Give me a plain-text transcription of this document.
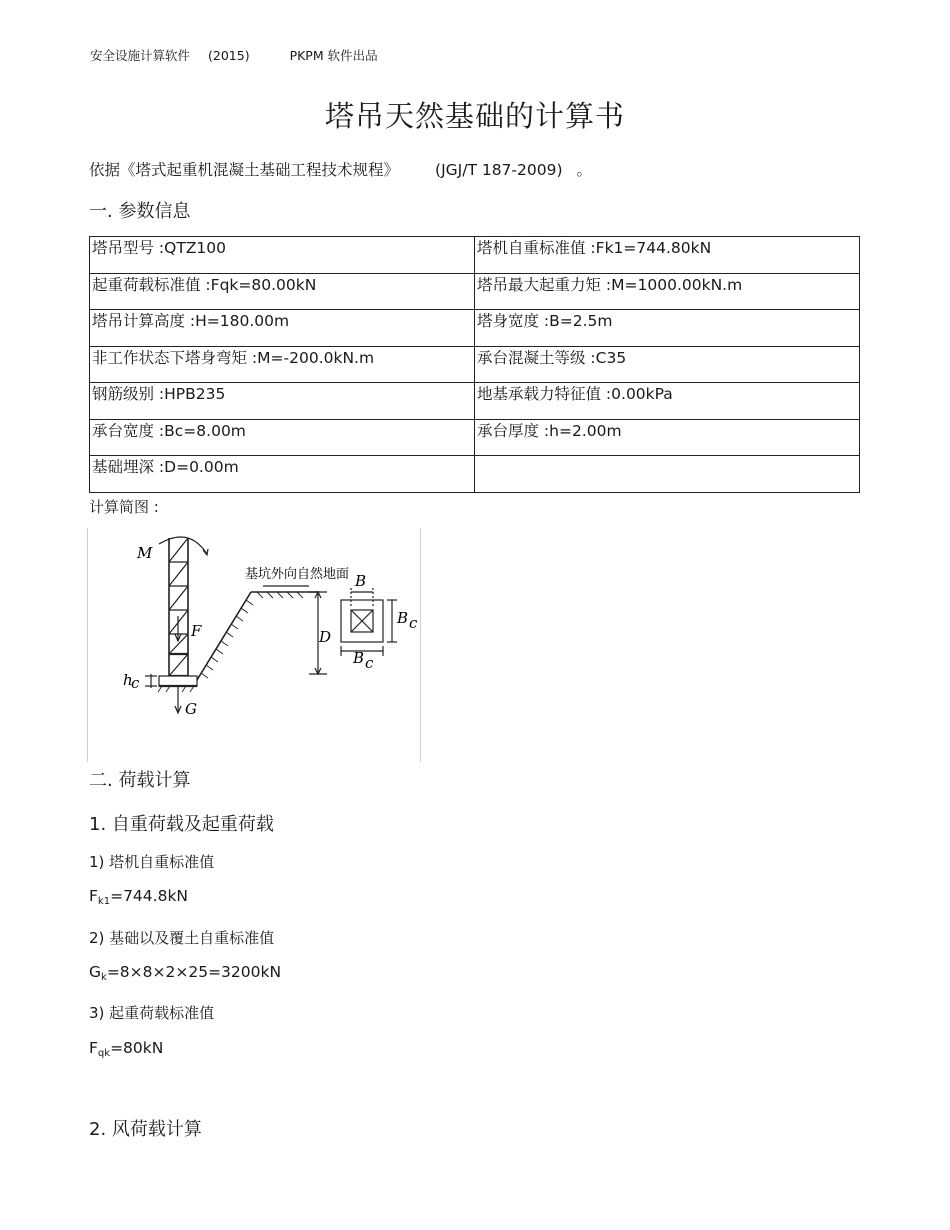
安全设施计算软件 (2015)	PKPM 软件出品
塔吊天然基础的计算书
依据《塔式起重机混凝土基础工程技术规程》 (JGJ/T 187-2009) 。
一. 参数信息
塔吊型号 :QTZ100	塔机自重标准值 :Fk1=744.80kN
起重荷载标准值 :Fqk=80.00kN	塔吊最大起重力矩 :M=1000.00kN.m
塔吊计算高度 :H=180.00m	塔身宽度 :B=2.5m
非工作状态下塔身弯矩 :M=-200.0kN.m	承台混凝土等级 :C35
钢筋级别 :HPB235	地基承载力特征值 :0.00kPa
承台宽度 :Bc=8.00m	承台厚度 :h=2.00m
基础埋深 :D=0.00m	
计算简图 :
M
F
G
D
B
B c
B c
h
c
基坑外向自然地面
二. 荷载计算
1. 自重荷载及起重荷载
1) 塔机自重标准值
$F_{k1}=744.8kN$
2) 基础以及覆土自重标准值
$G_k=8\times 8\times 2\times 25=3200kN$
3) 起重荷载标准值
$F_{qk}=80kN$
2. 风荷载计算
